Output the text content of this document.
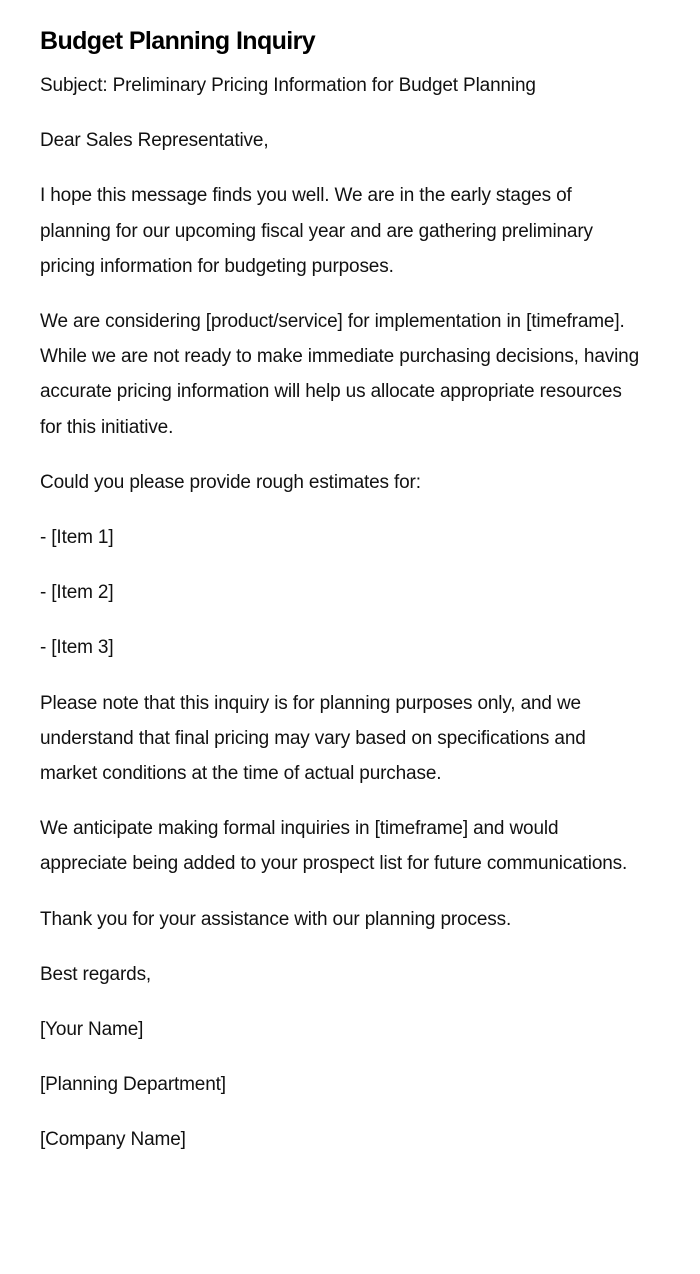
Budget Planning Inquiry

Subject: Preliminary Pricing Information for Budget Planning

Dear Sales Representative,

I hope this message finds you well. We are in the early stages of planning for our upcoming fiscal year and are gathering preliminary pricing information for budgeting purposes.

We are considering [product/service] for implementation in [timeframe]. While we are not ready to make immediate purchasing decisions, having accurate pricing information will help us allocate appropriate resources for this initiative.

Could you please provide rough estimates for:

- [Item 1]

- [Item 2]

- [Item 3]

Please note that this inquiry is for planning purposes only, and we understand that final pricing may vary based on specifications and market conditions at the time of actual purchase.

We anticipate making formal inquiries in [timeframe] and would appreciate being added to your prospect list for future communications.

Thank you for your assistance with our planning process.

Best regards,

[Your Name]

[Planning Department]

[Company Name]
